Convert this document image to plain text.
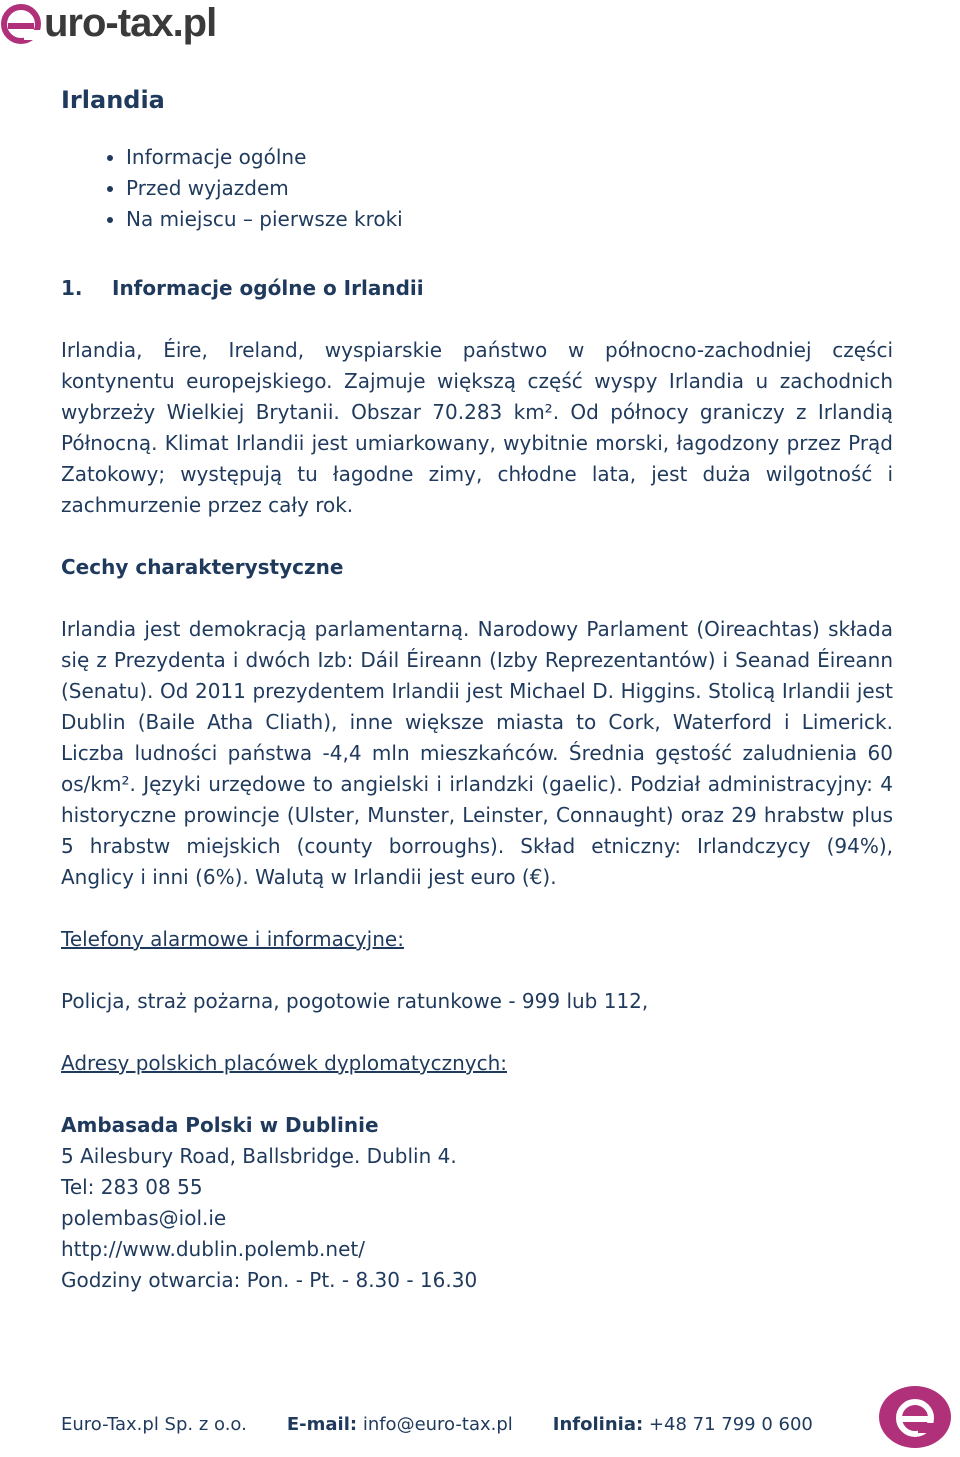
uro-tax.pl
Irlandia
• Informacje ogólne
• Przed wyjazdem
• Na miejscu – pierwsze kroki
1. Informacje ogólne o Irlandii

Irlandia, Éire, Ireland, wyspiarskie państwo w północno-zachodniej części kontynentu europejskiego. Zajmuje większą część wyspy Irlandia u zachodnich wybrzeży Wielkiej Brytanii. Obszar 70.283 km². Od północy graniczy z Irlandią Północną. Klimat Irlandii jest umiarkowany, wybitnie morski, łagodzony przez Prąd Zatokowy; występują tu łagodne zimy, chłodne lata, jest duża wilgotność i zachmurzenie przez cały rok.

Cechy charakterystyczne

Irlandia jest demokracją parlamentarną. Narodowy Parlament (Oireachtas) składa się z Prezydenta i dwóch Izb: Dáil Éireann (Izby Reprezentantów) i Seanad Éireann (Senatu). Od 2011 prezydentem Irlandii jest Michael D. Higgins. Stolicą Irlandii jest Dublin (Baile Atha Cliath), inne większe miasta to Cork, Waterford i Limerick. Liczba ludności państwa -4,4 mln mieszkańców. Średnia gęstość zaludnienia 60 os/km². Języki urzędowe to angielski i irlandzki (gaelic). Podział administracyjny: 4 historyczne prowincje (Ulster, Munster, Leinster, Connaught) oraz 29 hrabstw plus 5 hrabstw miejskich (county borroughs). Skład etniczny: Irlandczycy (94%), Anglicy i inni (6%). Walutą w Irlandii jest euro (€).

Telefony alarmowe i informacyjne:

Policja, straż pożarna, pogotowie ratunkowe - 999 lub 112,

Adresy polskich placówek dyplomatycznych:

Ambasada Polski w Dublinie

5 Ailesbury Road, Ballsbridge. Dublin 4.

Tel: 283 08 55

polembas@iol.ie

http://www.dublin.polemb.net/

Godziny otwarcia: Pon. - Pt. - 8.30 - 16.30

Euro-Tax.pl Sp. z o.o. E-mail: info@euro-tax.pl Infolinia: +48 71 799 0 600
